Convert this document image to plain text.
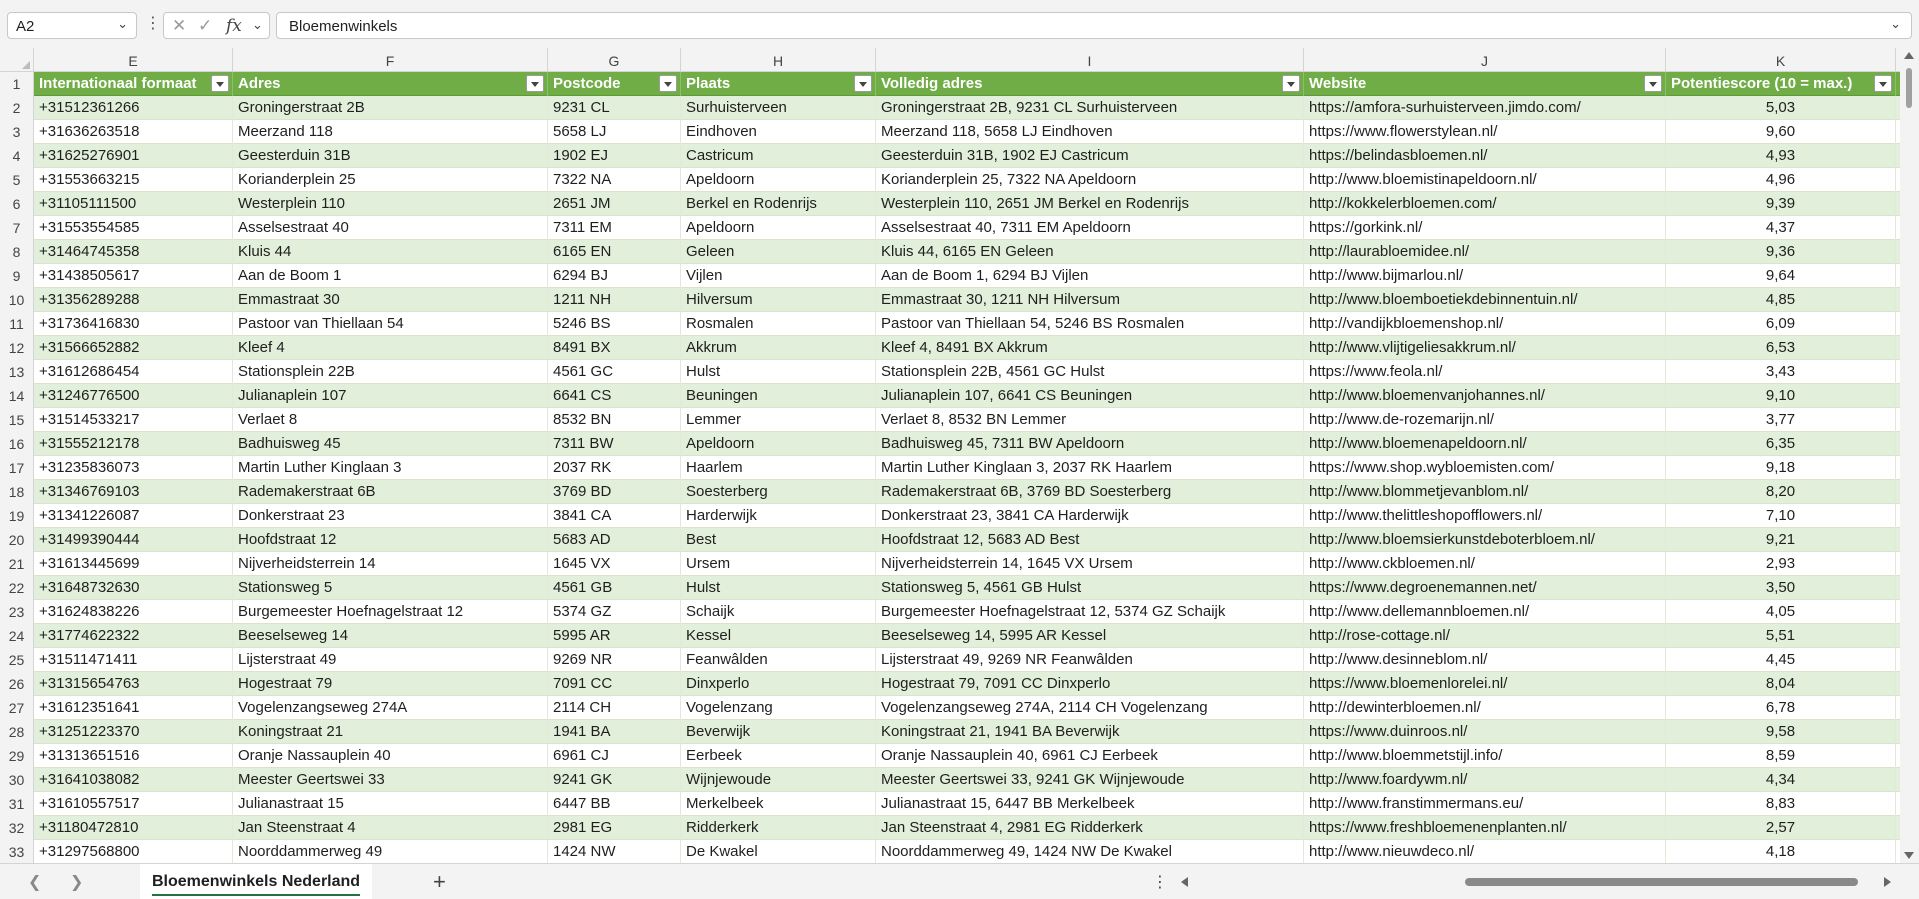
A2	⌄ ⋮ ✕ ✓ fx ⌄	Bloemenwinkels	⌄
E	F	G	H	I	J	K
1	Internationaal formaat	Adres	Postcode	Plaats	Volledig adres	Website	Potentiescore (10 = max.)
2	+31512361266	Groningerstraat 2B	9231 CL	Surhuisterveen	Groningerstraat 2B, 9231 CL Surhuisterveen	https://amfora-surhuisterveen.jimdo.com/	5,03
3	+31636263518	Meerzand 118	5658 LJ	Eindhoven	Meerzand 118, 5658 LJ Eindhoven	https://www.flowerstylean.nl/	9,60
4	+31625276901	Geesterduin 31B	1902 EJ	Castricum	Geesterduin 31B, 1902 EJ Castricum	https://belindasbloemen.nl/	4,93
5	+31553663215	Korianderplein 25	7322 NA	Apeldoorn	Korianderplein 25, 7322 NA Apeldoorn	http://www.bloemistinapeldoorn.nl/	4,96
6	+31105111500	Westerplein 110	2651 JM	Berkel en Rodenrijs	Westerplein 110, 2651 JM Berkel en Rodenrijs	http://kokkelerbloemen.com/	9,39
7	+31553554585	Asselsestraat 40	7311 EM	Apeldoorn	Asselsestraat 40, 7311 EM Apeldoorn	https://gorkink.nl/	4,37
8	+31464745358	Kluis 44	6165 EN	Geleen	Kluis 44, 6165 EN Geleen	http://laurabloemidee.nl/	9,36
9	+31438505617	Aan de Boom 1	6294 BJ	Vijlen	Aan de Boom 1, 6294 BJ Vijlen	http://www.bijmarlou.nl/	9,64
10 +31356289288	Emmastraat 30	1211 NH	Hilversum	Emmastraat 30, 1211 NH Hilversum	http://www.bloemboetiekdebinnentuin.nl/	4,85
11	+31736416830	Pastoor van Thiellaan 54	5246 BS	Rosmalen	Pastoor van Thiellaan 54, 5246 BS Rosmalen	http://vandijkbloemenshop.nl/	6,09
12 +31566652882	Kleef 4	8491 BX	Akkrum	Kleef 4, 8491 BX Akkrum	http://www.vlijtigeliesakkrum.nl/	6,53
13 +31612686454	Stationsplein 22B	4561 GC	Hulst	Stationsplein 22B, 4561 GC Hulst	https://www.feola.nl/	3,43
14 +31246776500	Julianaplein 107	6641 CS	Beuningen	Julianaplein 107, 6641 CS Beuningen	http://www.bloemenvanjohannes.nl/	9,10
15 +31514533217	Verlaet 8	8532 BN	Lemmer	Verlaet 8, 8532 BN Lemmer	http://www.de-rozemarijn.nl/	3,77
16 +31555212178	Badhuisweg 45	7311 BW	Apeldoorn	Badhuisweg 45, 7311 BW Apeldoorn	http://www.bloemenapeldoorn.nl/	6,35
17 +31235836073	Martin Luther Kinglaan 3	2037 RK	Haarlem	Martin Luther Kinglaan 3, 2037 RK Haarlem	https://www.shop.wybloemisten.com/	9,18
18 +31346769103	Rademakerstraat 6B	3769 BD	Soesterberg	Rademakerstraat 6B, 3769 BD Soesterberg	http://www.blommetjevanblom.nl/	8,20
19 +31341226087	Donkerstraat 23	3841 CA	Harderwijk	Donkerstraat 23, 3841 CA Harderwijk	http://www.thelittleshopofflowers.nl/	7,10
20 +31499390444	Hoofdstraat 12	5683 AD	Best	Hoofdstraat 12, 5683 AD Best	http://www.bloemsierkunstdeboterbloem.nl/	9,21
21 +31613445699	Nijverheidsterrein 14	1645 VX	Ursem	Nijverheidsterrein 14, 1645 VX Ursem	http://www.ckbloemen.nl/	2,93
22 +31648732630	Stationsweg 5	4561 GB	Hulst	Stationsweg 5, 4561 GB Hulst	https://www.degroenemannen.net/	3,50
23 +31624838226	Burgemeester Hoefnagelstraat 12	5374 GZ	Schaijk	Burgemeester Hoefnagelstraat 12, 5374 GZ Schaijk	http://www.dellemannbloemen.nl/	4,05
24 +31774622322	Beeselseweg 14	5995 AR	Kessel	Beeselseweg 14, 5995 AR Kessel	http://rose-cottage.nl/	5,51
25 +31511471411	Lijsterstraat 49	9269 NR	Feanwâlden	Lijsterstraat 49, 9269 NR Feanwâlden	http://www.desinneblom.nl/	4,45
26 +31315654763	Hogestraat 79	7091 CC	Dinxperlo	Hogestraat 79, 7091 CC Dinxperlo	https://www.bloemenlorelei.nl/	8,04
27 +31612351641	Vogelenzangseweg 274A	2114 CH	Vogelenzang	Vogelenzangseweg 274A, 2114 CH Vogelenzang	http://dewinterbloemen.nl/	6,78
28 +31251223370	Koningstraat 21	1941 BA	Beverwijk	Koningstraat 21, 1941 BA Beverwijk	https://www.duinroos.nl/	9,58
29 +31313651516	Oranje Nassauplein 40	6961 CJ	Eerbeek	Oranje Nassauplein 40, 6961 CJ Eerbeek	http://www.bloemmetstijl.info/	8,59
30 +31641038082	Meester Geertswei 33	9241 GK	Wijnjewoude	Meester Geertswei 33, 9241 GK Wijnjewoude	http://www.foardywm.nl/	4,34
31 +31610557517	Julianastraat 15	6447 BB	Merkelbeek	Julianastraat 15, 6447 BB Merkelbeek	http://www.franstimmermans.eu/	8,83
32 +31180472810	Jan Steenstraat 4	2981 EG	Ridderkerk	Jan Steenstraat 4, 2981 EG Ridderkerk	https://www.freshbloemenenplanten.nl/	2,57
33 +31297568800	Noorddammerweg 49	1424 NW	De Kwakel	Noorddammerweg 49, 1424 NW De Kwakel	http://www.nieuwdeco.nl/	4,18
❮ ❯	Bloemenwinkels Nederland	+	⋮
